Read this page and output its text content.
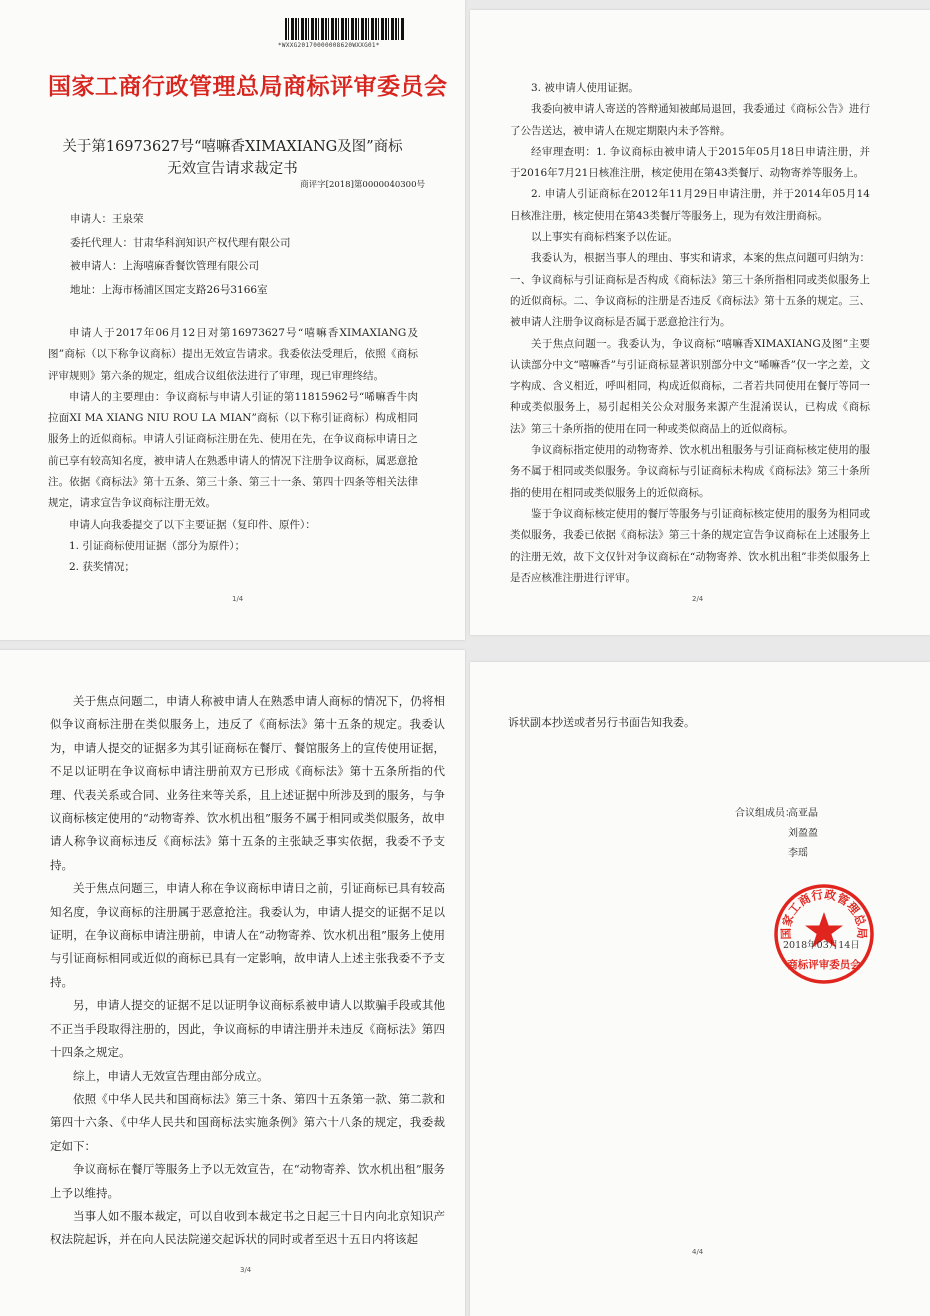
*WXXG20170000008620WXXG01*
国家工商行政管理总局商标评审委员会
关于第16973627号“嘻嘛香XIMAXIANG及图”商标
无效宣告请求裁定书
商评字[2018]第0000040300号
申请人：王泉荣
委托代理人：甘肃华科润知识产权代理有限公司
被申请人：上海嘻麻香餐饮管理有限公司
地址：上海市杨浦区国定支路26号3166室

申请人于2017年06月12日对第16973627号“嘻嘛香XIMAXIANG及图”商标（以下称争议商标）提出无效宣告请求。我委依法受理后，依照《商标评审规则》第六条的规定，组成合议组依法进行了审理，现已审理终结。

申请人的主要理由：争议商标与申请人引证的第11815962号“唏嘛香牛肉拉面XI MA XIANG NIU ROU LA MIAN”商标（以下称引证商标）构成相同服务上的近似商标。申请人引证商标注册在先、使用在先，在争议商标申请日之前已享有较高知名度，被申请人在熟悉申请人的情况下注册争议商标，属恶意抢注。依据《商标法》第十五条、第三十条、第三十一条、第四十四条等相关法律规定，请求宣告争议商标注册无效。

申请人向我委提交了以下主要证据（复印件、原件）：

1. 引证商标使用证据（部分为原件）；

2. 获奖情况；

1/4

3. 被申请人使用证据。

我委向被申请人寄送的答辩通知被邮局退回，我委通过《商标公告》进行了公告送达，被申请人在规定期限内未予答辩。

经审理查明：1. 争议商标由被申请人于2015年05月18日申请注册，并于2016年7月21日核准注册，核定使用在第43类餐厅、动物寄养等服务上。

2. 申请人引证商标在2012年11月29日申请注册，并于2014年05月14日核准注册，核定使用在第43类餐厅等服务上，现为有效注册商标。

以上事实有商标档案予以佐证。

我委认为，根据当事人的理由、事实和请求，本案的焦点问题可归纳为：一、争议商标与引证商标是否构成《商标法》第三十条所指相同或类似服务上的近似商标。二、争议商标的注册是否违反《商标法》第十五条的规定。三、被申请人注册争议商标是否属于恶意抢注行为。

关于焦点问题一。我委认为，争议商标“嘻嘛香XIMAXIANG及图”主要认读部分中文“嘻嘛香”与引证商标显著识别部分中文“唏嘛香”仅一字之差，文字构成、含义相近，呼叫相同，构成近似商标，二者若共同使用在餐厅等同一种或类似服务上，易引起相关公众对服务来源产生混淆误认，已构成《商标法》第三十条所指的使用在同一种或类似商品上的近似商标。

争议商标指定使用的动物寄养、饮水机出租服务与引证商标核定使用的服务不属于相同或类似服务。争议商标与引证商标未构成《商标法》第三十条所指的使用在相同或类似服务上的近似商标。

鉴于争议商标核定使用的餐厅等服务与引证商标核定使用的服务为相同或类似服务，我委已依据《商标法》第三十条的规定宣告争议商标在上述服务上的注册无效，故下文仅针对争议商标在“动物寄养、饮水机出租”非类似服务上是否应核准注册进行评审。

2/4

关于焦点问题二，申请人称被申请人在熟悉申请人商标的情况下，仍将相似争议商标注册在类似服务上，违反了《商标法》第十五条的规定。我委认为，申请人提交的证据多为其引证商标在餐厅、餐馆服务上的宣传使用证据，不足以证明在争议商标申请注册前双方已形成《商标法》第十五条所指的代理、代表关系或合同、业务往来等关系，且上述证据中所涉及到的服务，与争议商标核定使用的“动物寄养、饮水机出租”服务不属于相同或类似服务，故申请人称争议商标违反《商标法》第十五条的主张缺乏事实依据，我委不予支持。

关于焦点问题三，申请人称在争议商标申请日之前，引证商标已具有较高知名度，争议商标的注册属于恶意抢注。我委认为，申请人提交的证据不足以证明，在争议商标申请注册前，申请人在“动物寄养、饮水机出租”服务上使用与引证商标相同或近似的商标已具有一定影响，故申请人上述主张我委不予支持。

另，申请人提交的证据不足以证明争议商标系被申请人以欺骗手段或其他不正当手段取得注册的，因此，争议商标的申请注册并未违反《商标法》第四十四条之规定。

综上，申请人无效宣告理由部分成立。

依照《中华人民共和国商标法》第三十条、第四十五条第一款、第二款和第四十六条、《中华人民共和国商标法实施条例》第六十八条的规定，我委裁定如下：

争议商标在餐厅等服务上予以无效宣告，在“动物寄养、饮水机出租”服务上予以维持。

当事人如不服本裁定，可以自收到本裁定书之日起三十日内向北京知识产权法院起诉，并在向人民法院递交起诉状的同时或者至迟十五日内将该起

3/4

诉状副本抄送或者另行书面告知我委。

合议组成员：
高亚晶
刘盈盈
李瑶
4/4
国家工商行政管理总局
商标评审委员会
2018年03月14日
